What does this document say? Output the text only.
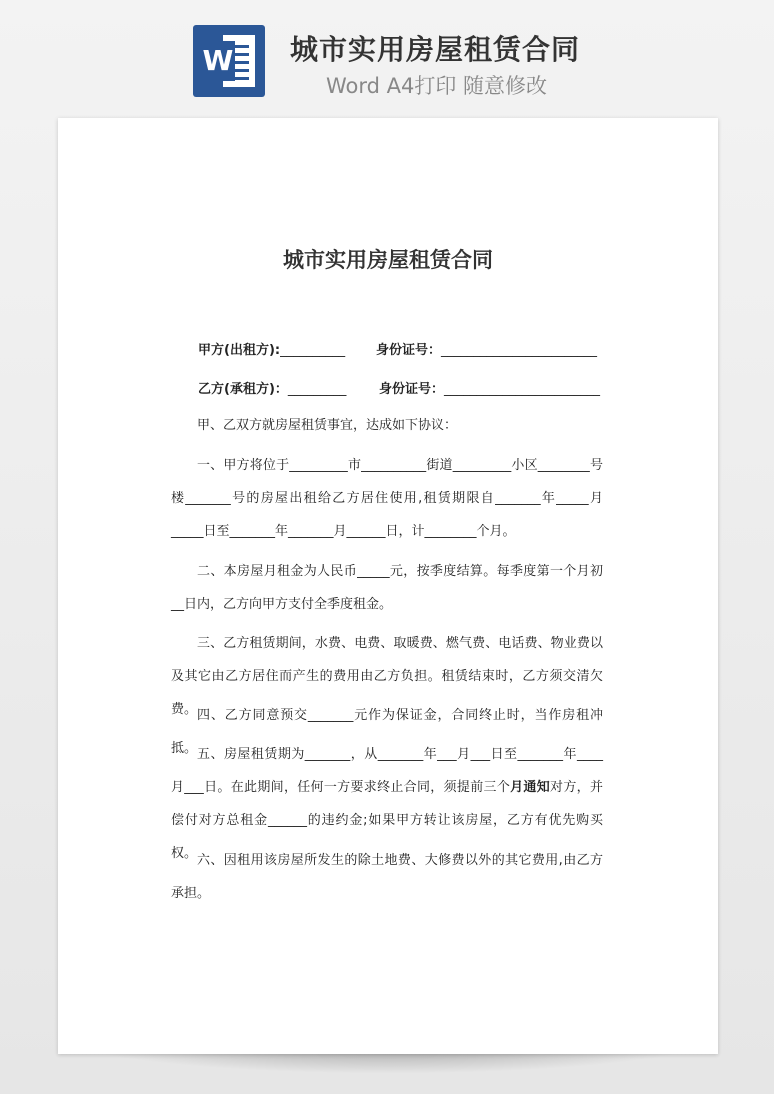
W 城市实用房屋租赁合同
Word A4打印 随意修改

城市实用房屋租赁合同
甲方(出租方):__________ 身份证号：________________________
乙方(承租方)：_________	身份证号：________________________
甲、乙双方就房屋租赁事宜，达成如下协议：
一、甲方将位于_________市__________街道_________小区________号楼_______号的房屋出租给乙方居住使用,租赁期限自_______年_____月_____日至_______年_______月______日，计________个月。
二、本房屋月租金为人民币_____元，按季度结算。每季度第一个月初__日内，乙方向甲方支付全季度租金。
三、乙方租赁期间，水费、电费、取暖费、燃气费、电话费、物业费以及其它由乙方居住而产生的费用由乙方负担。租赁结束时，乙方须交清欠费。 四、乙方同意预交_______元作为保证金，合同终止时，当作房租冲抵。 五、房屋租赁期为_______，从_______年___月___日至_______年____月___日。在此期间，任何一方要求终止合同，须提前三个月通知对方，并偿付对方总租金______的违约金;如果甲方转让该房屋，乙方有优先购买权。 六、因租用该房屋所发生的除土地费、大修费以外的其它费用,由乙方承担。
